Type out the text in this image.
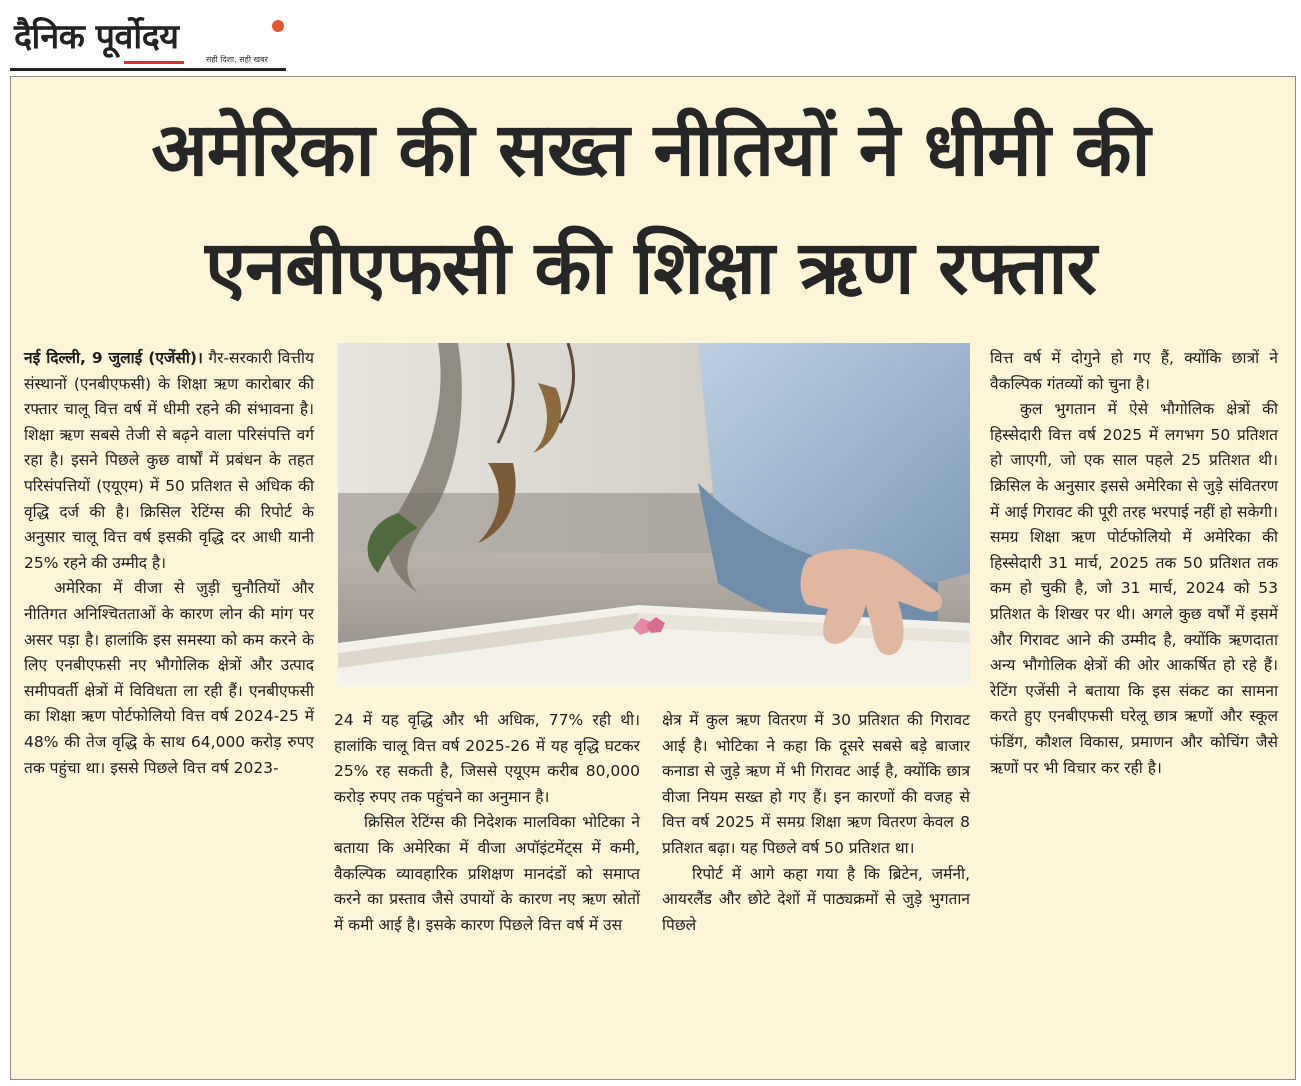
दैनिक पूर्वोदय
सही दिशा, सही खबर
अमेरिका की सख्त नीतियों ने धीमी की
एनबीएफसी की शिक्षा ऋण रफ्तार

नई दिल्ली, 9 जुलाई (एजेंसी)। गैर-सरकारी वित्तीय संस्थानों (एनबीएफसी) के शिक्षा ऋण कारोबार की रफ्तार चालू वित्त वर्ष में धीमी रहने की संभावना है। शिक्षा ऋण सबसे तेजी से बढ़ने वाला परिसंपत्ति वर्ग रहा है। इसने पिछले कुछ वार्षों में प्रबंधन के तहत परिसंपत्तियों (एयूएम) में 50 प्रतिशत से अधिक की वृद्धि दर्ज की है। क्रिसिल रेटिंग्स की रिपोर्ट के अनुसार चालू वित्त वर्ष इसकी वृद्धि दर आधी यानी 25% रहने की उम्मीद है।

अमेरिका में वीजा से जुड़ी चुनौतियों और नीतिगत अनिश्चितताओं के कारण लोन की मांग पर असर पड़ा है। हालांकि इस समस्या को कम करने के लिए एनबीएफसी नए भौगोलिक क्षेत्रों और उत्पाद समीपवर्ती क्षेत्रों में विविधता ला रही हैं। एनबीएफसी का शिक्षा ऋण पोर्टफोलियो वित्त वर्ष 2024-25 में 48% की तेज वृद्धि के साथ 64,000 करोड़ रुपए तक पहुंचा था। इससे पिछले वित्त वर्ष 2023-

24 में यह वृद्धि और भी अधिक, 77% रही थी। हालांकि चालू वित्त वर्ष 2025-26 में यह वृद्धि घटकर 25% रह सकती है, जिससे एयूएम करीब 80,000 करोड़ रुपए तक पहुंचने का अनुमान है।

क्रिसिल रेटिंग्स की निदेशक मालविका भोटिका ने बताया कि अमेरिका में वीजा अपॉइंटमेंट्स में कमी, वैकल्पिक व्यावहारिक प्रशिक्षण मानदंडों को समाप्त करने का प्रस्ताव जैसे उपायों के कारण नए ऋण स्रोतों में कमी आई है। इसके कारण पिछले वित्त वर्ष में उस

क्षेत्र में कुल ऋण वितरण में 30 प्रतिशत की गिरावट आई है। भोटिका ने कहा कि दूसरे सबसे बड़े बाजार कनाडा से जुड़े ऋण में भी गिरावट आई है, क्योंकि छात्र वीजा नियम सख्त हो गए हैं। इन कारणों की वजह से वित्त वर्ष 2025 में समग्र शिक्षा ऋण वितरण केवल 8 प्रतिशत बढ़ा। यह पिछले वर्ष 50 प्रतिशत था।

रिपोर्ट में आगे कहा गया है कि ब्रिटेन, जर्मनी, आयरलैंड और छोटे देशों में पाठ्यक्रमों से जुड़े भुगतान पिछले

वित्त वर्ष में दोगुने हो गए हैं, क्योंकि छात्रों ने वैकल्पिक गंतव्यों को चुना है।

कुल भुगतान में ऐसे भौगोलिक क्षेत्रों की हिस्सेदारी वित्त वर्ष 2025 में लगभग 50 प्रतिशत हो जाएगी, जो एक साल पहले 25 प्रतिशत थी। क्रिसिल के अनुसार इससे अमेरिका से जुड़े संवितरण में आई गिरावट की पूरी तरह भरपाई नहीं हो सकेगी। समग्र शिक्षा ऋण पोर्टफोलियो में अमेरिका की हिस्सेदारी 31 मार्च, 2025 तक 50 प्रतिशत तक कम हो चुकी है, जो 31 मार्च, 2024 को 53 प्रतिशत के शिखर पर थी। अगले कुछ वर्षों में इसमें और गिरावट आने की उम्मीद है, क्योंकि ऋणदाता अन्य भौगोलिक क्षेत्रों की ओर आकर्षित हो रहे हैं। रेटिंग एजेंसी ने बताया कि इस संकट का सामना करते हुए एनबीएफसी घरेलू छात्र ऋणों और स्कूल फंडिंग, कौशल विकास, प्रमाणन और कोचिंग जैसे ऋणों पर भी विचार कर रही है।
